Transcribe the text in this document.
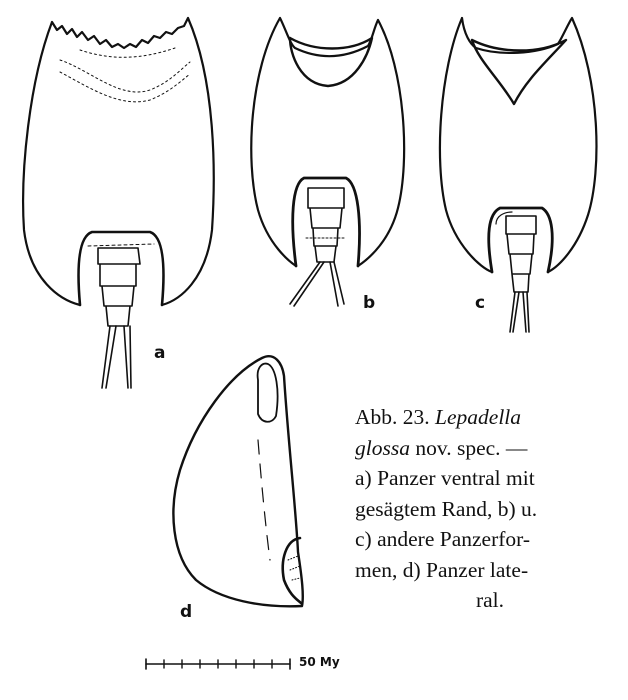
a
b	c
d
50 My
Abb. 23. Lepadella
glossa nov. spec. —
a) Panzer ventral mit
gesägtem Rand, b) u.
c) andere Panzerfor-
men, d) Panzer late-
ral.
